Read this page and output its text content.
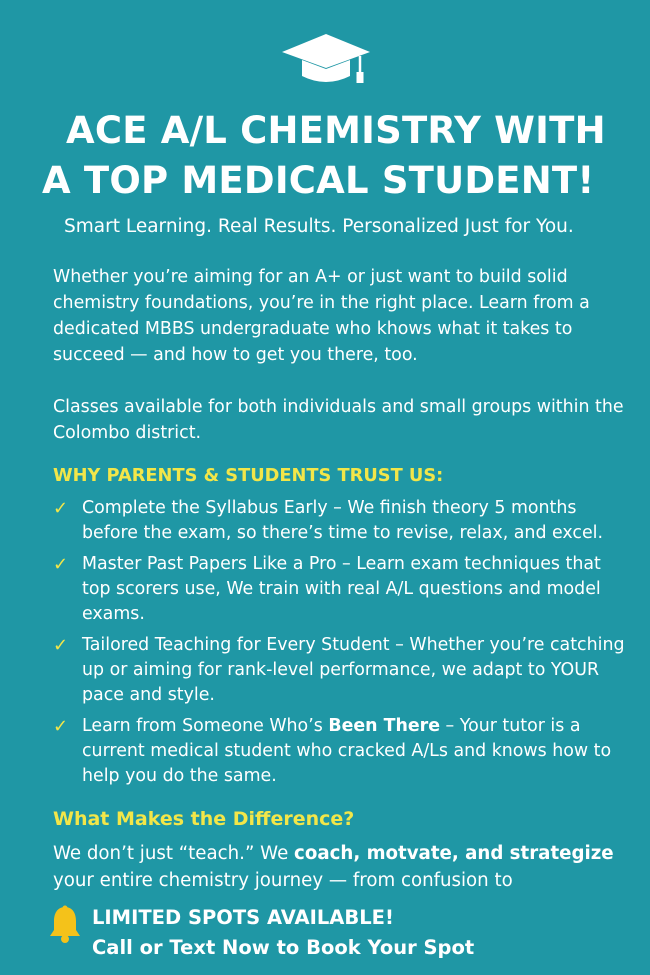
ACE A/L CHEMISTRY WITH
A TOP MEDICAL STUDENT!
Smart Learning. Real Results. Personalized Just for You.
Whether you’re aiming for an A+ or just want to build solid chemistry foundations, you’re in the right place. Learn from a dedicated MBBS undergraduate who khows what it takes to succeed — and how to get you there, too.
Classes available for both individuals and small groups within the Colombo district.
WHY PARENTS & STUDENTS TRUST US:
✓ Complete the Syllabus Early – We finish theory 5 months before the exam, so there’s time to revise, relax, and excel.
✓ Master Past Papers Like a Pro – Learn exam techniques that top scorers use, We train with real A/L questions and model exams.
✓ Tailored Teaching for Every Student – Whether you’re catching up or aiming for rank-level performance, we adapt to YOUR pace and style.
✓ Learn from Someone Who’s Been There – Your tutor is a current medical student who cracked A/Ls and knows how to help you do the same.
What Makes the Difference?
We don’t just “teach.” We coach, motvate, and strategize your entire chemistry journey — from confusion to
LIMITED SPOTS AVAILABLE!
Call or Text Now to Book Your Spot
